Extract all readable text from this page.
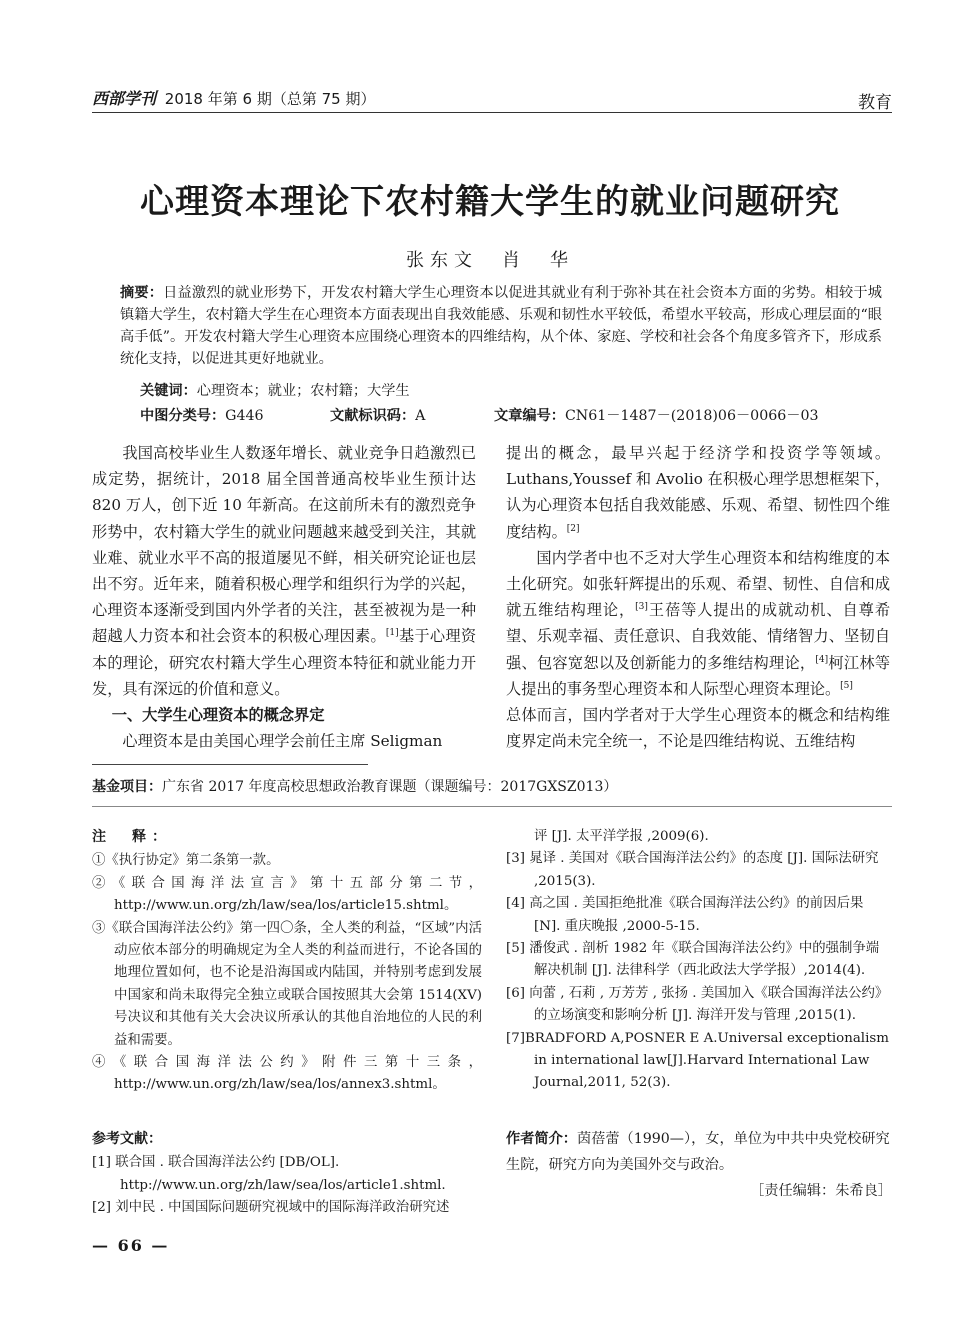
西部学刊 2018 年第 6 期（总第 75 期）	教育
心理资本理论下农村籍大学生的就业问题研究
张东文　肖　华
摘要：日益激烈的就业形势下，开发农村籍大学生心理资本以促进其就业有利于弥补其在社会资本方面的劣势。相较于城镇籍大学生，农村籍大学生在心理资本方面表现出自我效能感、乐观和韧性水平较低，希望水平较高，形成心理层面的“眼高手低”。开发农村籍大学生心理资本应围绕心理资本的四维结构，从个体、家庭、学校和社会各个角度多管齐下，形成系统化支持，以促进其更好地就业。
关键词：心理资本；就业；农村籍；大学生
中图分类号：G446	文献标识码：A	文章编号：CN61－1487－(2018)06－0066－03

我国高校毕业生人数逐年增长、就业竞争日趋激烈已成定势，据统计，2018 届全国普通高校毕业生预计达 820 万人，创下近 10 年新高。在这前所未有的激烈竞争形势中，农村籍大学生的就业问题越来越受到关注，其就业难、就业水平不高的报道屡见不鲜，相关研究论证也层出不穷。近年来，随着积极心理学和组织行为学的兴起，心理资本逐渐受到国内外学者的关注，甚至被视为是一种超越人力资本和社会资本的积极心理因素。[1]基于心理资本的理论，研究农村籍大学生心理资本特征和就业能力开发，具有深远的价值和意义。

一、大学生心理资本的概念界定

心理资本是由美国心理学会前任主席 Seligman

提出的概念，最早兴起于经济学和投资学等领域。Luthans,Youssef 和 Avolio 在积极心理学思想框架下，认为心理资本包括自我效能感、乐观、希望、韧性四个维度结构。[2]

国内学者中也不乏对大学生心理资本和结构维度的本土化研究。如张轩辉提出的乐观、希望、韧性、自信和成就五维结构理论，[3]王蓓等人提出的成就动机、自尊希望、乐观幸福、责任意识、自我效能、情绪智力、坚韧自强、包容宽恕以及创新能力的多维结构理论，[4]柯江林等人提出的事务型心理资本和人际型心理资本理论。[5]
总体而言，国内学者对于大学生心理资本的概念和结构维度界定尚未完全统一，不论是四维结构说、五维结构

基金项目：广东省 2017 年度高校思想政治教育课题（课题编号：2017GXSZ013）
注　释：
①《执行协定》第二条第一款。
②《联合国海洋法宣言》第十五部分第二节，http://www.un.org/zh/law/sea/los/article15.shtml。
③《联合国海洋法公约》第一四〇条，全人类的利益，“区域”内活动应依本部分的明确规定为全人类的利益而进行，不论各国的地理位置如何，也不论是沿海国或内陆国，并特别考虑到发展中国家和尚未取得完全独立或联合国按照其大会第 1514(XV) 号决议和其他有关大会决议所承认的其他自治地位的人民的利益和需要。
④《联合国海洋法公约》附件三第十三条，http://www.un.org/zh/law/sea/los/annex3.shtml。
参考文献：
[1] 联合国 . 联合国海洋法公约 [DB/OL]. http://www.un.org/zh/law/sea/los/article1.shtml.
[2] 刘中民 . 中国国际问题研究视域中的国际海洋政治研究述
评 [J]. 太平洋学报 ,2009(6).
[3] 晁译 . 美国对《联合国海洋法公约》的态度 [J]. 国际法研究 ,2015(3).
[4] 高之国 . 美国拒绝批准《联合国海洋法公约》的前因后果 [N]. 重庆晚报 ,2000-5-15.
[5] 潘俊武 . 剖析 1982 年《联合国海洋法公约》中的强制争端解决机制 [J]. 法律科学（西北政法大学学报）,2014(4).
[6] 向蕾 , 石莉 , 万芳芳 , 张扬 . 美国加入《联合国海洋法公约》的立场演变和影响分析 [J]. 海洋开发与管理 ,2015(1).
[7]BRADFORD A,POSNER E A.Universal exceptionalism in international law[J].Harvard International Law Journal,2011, 52(3).
作者简介：茵蓓蕾（1990—），女，单位为中共中央党校研究生院，研究方向为美国外交与政治。
［责任编辑：朱希良］
— 66 —
